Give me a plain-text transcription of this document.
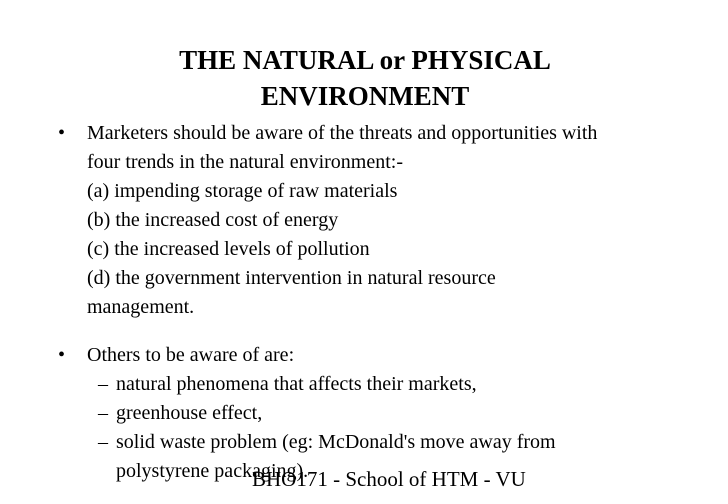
THE NATURAL or PHYSICAL
ENVIRONMENT
• Marketers should be aware of the threats and opportunities with
four trends in the natural environment:-
(a) impending storage of raw materials
(b) the increased cost of energy
(c) the increased levels of pollution
(d) the government intervention in natural resource
management.
• Others to be aware of are:
– natural phenomena that affects their markets,
– greenhouse effect,
– solid waste problem (eg: McDonald's move away from
polystyrene packaging).
BHO171 - School of HTM - VU
